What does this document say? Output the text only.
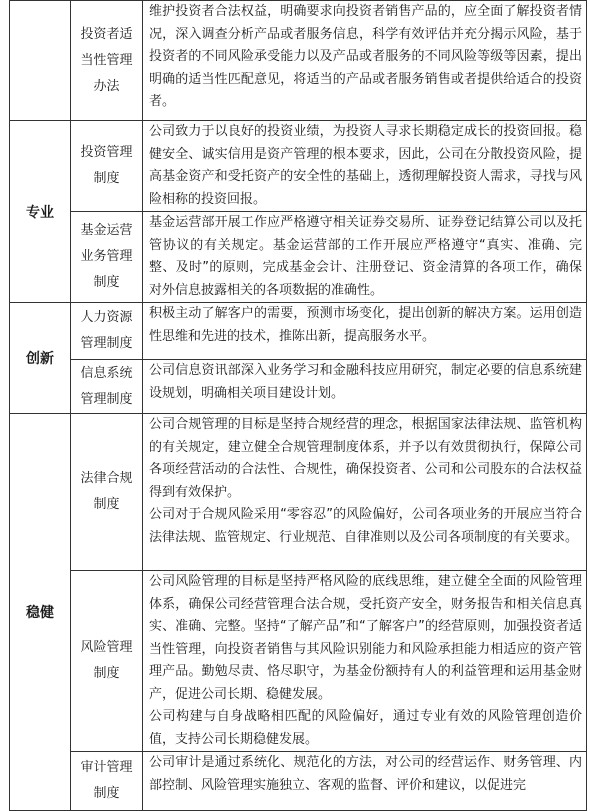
	投资者适当性管理办法	维护投资者合法权益，明确要求向投资者销售产品的，应全面了解投资者情况，深入调查分析产品或者服务信息，科学有效评估并充分揭示风险，基于投资者的不同风险承受能力以及产品或者服务的不同风险等级等因素，提出明确的适当性匹配意见，将适当的产品或者服务销售或者提供给适合的投资者。

专业	投资管理制度	公司致力于以良好的投资业绩，为投资人寻求长期稳定成长的投资回报。稳健安全、诚实信用是资产管理的根本要求，因此，公司在分散投资风险，提高基金资产和受托资产的安全性的基础上，透彻理解投资人需求，寻找与风险相称的投资回报。

	基金运营业务管理制度	基金运营部开展工作应严格遵守相关证券交易所、证券登记结算公司以及托管协议的有关规定。基金运营部的工作开展应严格遵守“真实、准确、完整、及时”的原则，完成基金会计、注册登记、资金清算的各项工作，确保对外信息披露相关的各项数据的准确性。

创新	人力资源管理制度	积极主动了解客户的需要，预测市场变化，提出创新的解决方案。运用创造性思维和先进的技术，推陈出新，提高服务水平。

	信息系统管理制度	公司信息资讯部深入业务学习和金融科技应用研究，制定必要的信息系统建设规划，明确相关项目建设计划。

稳健	法律合规制度	公司合规管理的目标是坚持合规经营的理念，根据国家法律法规、监管机构的有关规定，建立健全合规管理制度体系，并予以有效贯彻执行，保障公司各项经营活动的合法性、合规性，确保投资者、公司和公司股东的合法权益得到有效保护。

公司对于合规风险采用“零容忍”的风险偏好，公司各项业务的开展应当符合法律法规、监管规定、行业规范、自律准则以及公司各项制度的有关要求。

	风险管理制度	公司风险管理的目标是坚持严格风险的底线思维，建立健全全面的风险管理体系，确保公司经营管理合法合规，受托资产安全，财务报告和相关信息真实、准确、完整。坚持“了解产品”和“了解客户”的经营原则，加强投资者适当性管理，向投资者销售与其风险识别能力和风险承担能力相适应的资产管理产品。勤勉尽责、恪尽职守，为基金份额持有人的利益管理和运用基金财产，促进公司长期、稳健发展。

公司构建与自身战略相匹配的风险偏好，通过专业有效的风险管理创造价值，支持公司长期稳健发展。

	审计管理制度	公司审计是通过系统化、规范化的方法，对公司的经营运作、财务管理、内部控制、风险管理实施独立、客观的监督、评价和建议，以促进完
